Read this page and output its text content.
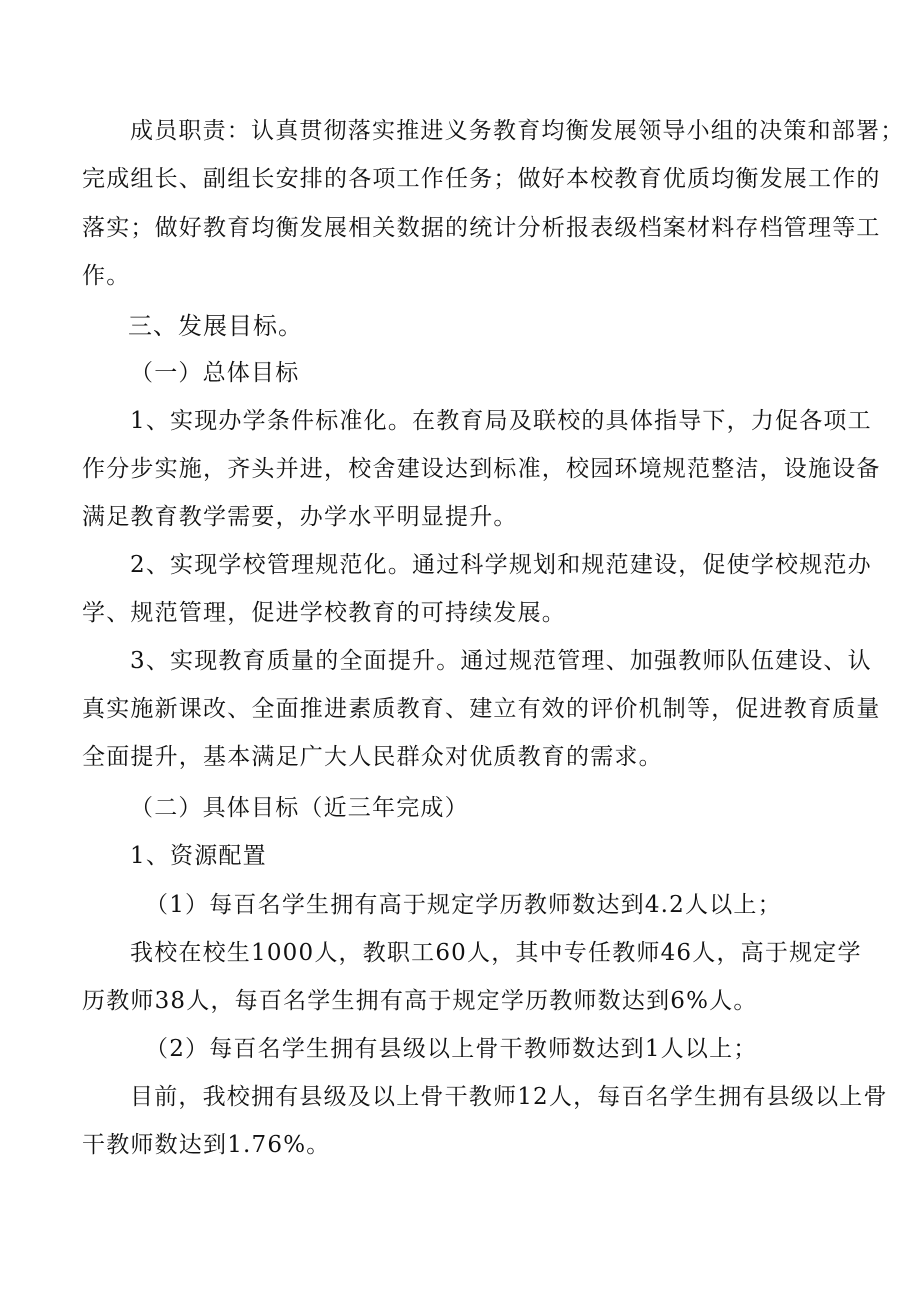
成员职责：认真贯彻落实推进义务教育均衡发展领导小组的决策和部署；
完成组长、副组长安排的各项工作任务；做好本校教育优质均衡发展工作的
落实；做好教育均衡发展相关数据的统计分析报表级档案材料存档管理等工
作。
三、发展目标。
（一）总体目标
1、实现办学条件标准化。在教育局及联校的具体指导下，力促各项工
作分步实施，齐头并进，校舍建设达到标准，校园环境规范整洁，设施设备
满足教育教学需要，办学水平明显提升。
2、实现学校管理规范化。通过科学规划和规范建设，促使学校规范办
学、规范管理，促进学校教育的可持续发展。
3、实现教育质量的全面提升。通过规范管理、加强教师队伍建设、认
真实施新课改、全面推进素质教育、建立有效的评价机制等，促进教育质量
全面提升，基本满足广大人民群众对优质教育的需求。
（二）具体目标（近三年完成）
1、资源配置
（1）每百名学生拥有高于规定学历教师数达到4.2人以上；
我校在校生1000人，教职工60人，其中专任教师46人，高于规定学
历教师38人，每百名学生拥有高于规定学历教师数达到6%人。
（2）每百名学生拥有县级以上骨干教师数达到1人以上；
目前，我校拥有县级及以上骨干教师12人，每百名学生拥有县级以上骨
干教师数达到1.76%。
